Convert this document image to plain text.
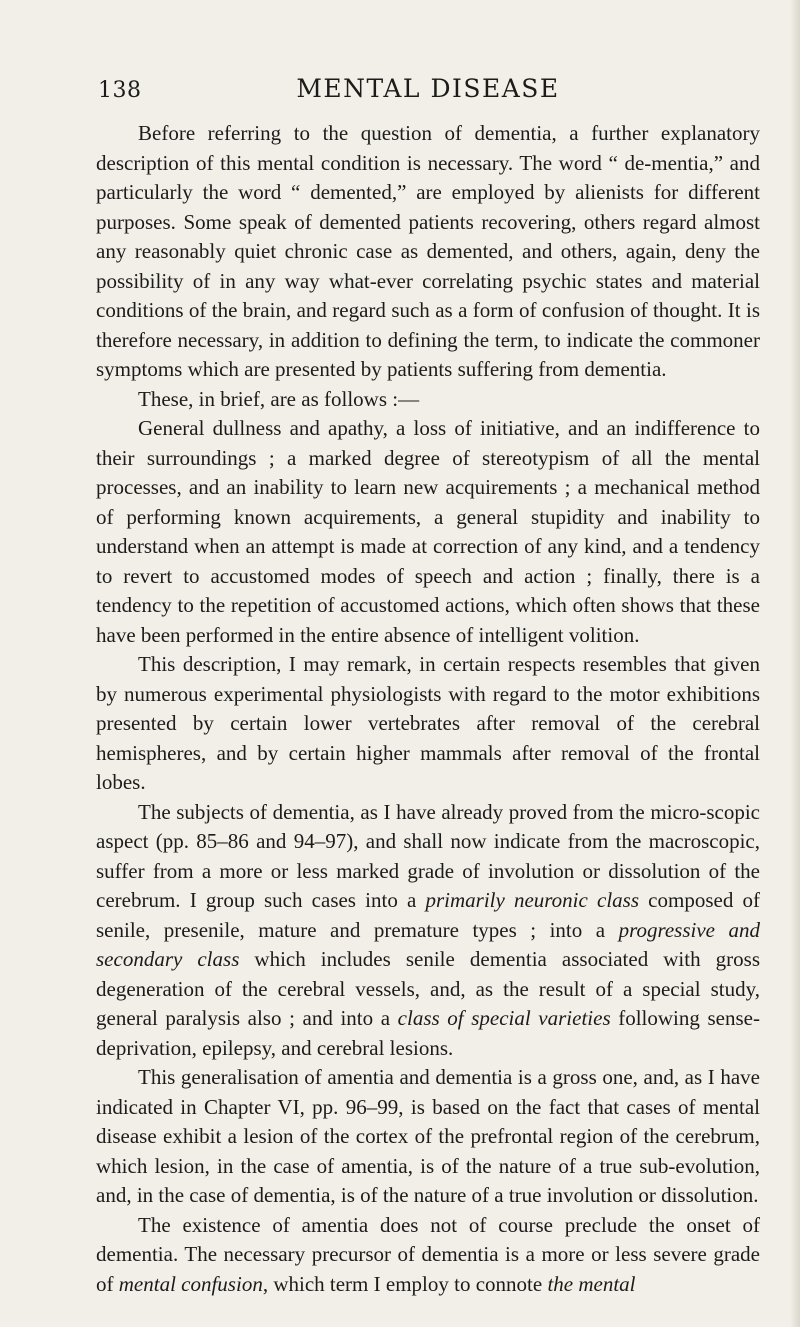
138	MENTAL DISEASE

Before referring to the question of dementia, a further explanatory description of this mental condition is necessary. The word “ de-mentia,” and particularly the word “ demented,” are employed by alienists for different purposes. Some speak of demented patients recovering, others regard almost any reasonably quiet chronic case as demented, and others, again, deny the possibility of in any way what-ever correlating psychic states and material conditions of the brain, and regard such as a form of confusion of thought. It is therefore necessary, in addition to defining the term, to indicate the commoner symptoms which are presented by patients suffering from dementia.

These, in brief, are as follows :—

General dullness and apathy, a loss of initiative, and an indifference to their surroundings ; a marked degree of stereotypism of all the mental processes, and an inability to learn new acquirements ; a mechanical method of performing known acquirements, a general stupidity and inability to understand when an attempt is made at correction of any kind, and a tendency to revert to accustomed modes of speech and action ; finally, there is a tendency to the repetition of accustomed actions, which often shows that these have been performed in the entire absence of intelligent volition.

This description, I may remark, in certain respects resembles that given by numerous experimental physiologists with regard to the motor exhibitions presented by certain lower vertebrates after removal of the cerebral hemispheres, and by certain higher mammals after removal of the frontal lobes.

The subjects of dementia, as I have already proved from the micro-scopic aspect (pp. 85–86 and 94–97), and shall now indicate from the macroscopic, suffer from a more or less marked grade of involution or dissolution of the cerebrum. I group such cases into a primarily neuronic class composed of senile, presenile, mature and premature types ; into a progressive and secondary class which includes senile dementia associated with gross degeneration of the cerebral vessels, and, as the result of a special study, general paralysis also ; and into a class of special varieties following sense-deprivation, epilepsy, and cerebral lesions.

This generalisation of amentia and dementia is a gross one, and, as I have indicated in Chapter VI, pp. 96–99, is based on the fact that cases of mental disease exhibit a lesion of the cortex of the prefrontal region of the cerebrum, which lesion, in the case of amentia, is of the nature of a true sub-evolution, and, in the case of dementia, is of the nature of a true involution or dissolution.

The existence of amentia does not of course preclude the onset of dementia. The necessary precursor of dementia is a more or less severe grade of mental confusion, which term I employ to connote the mental
